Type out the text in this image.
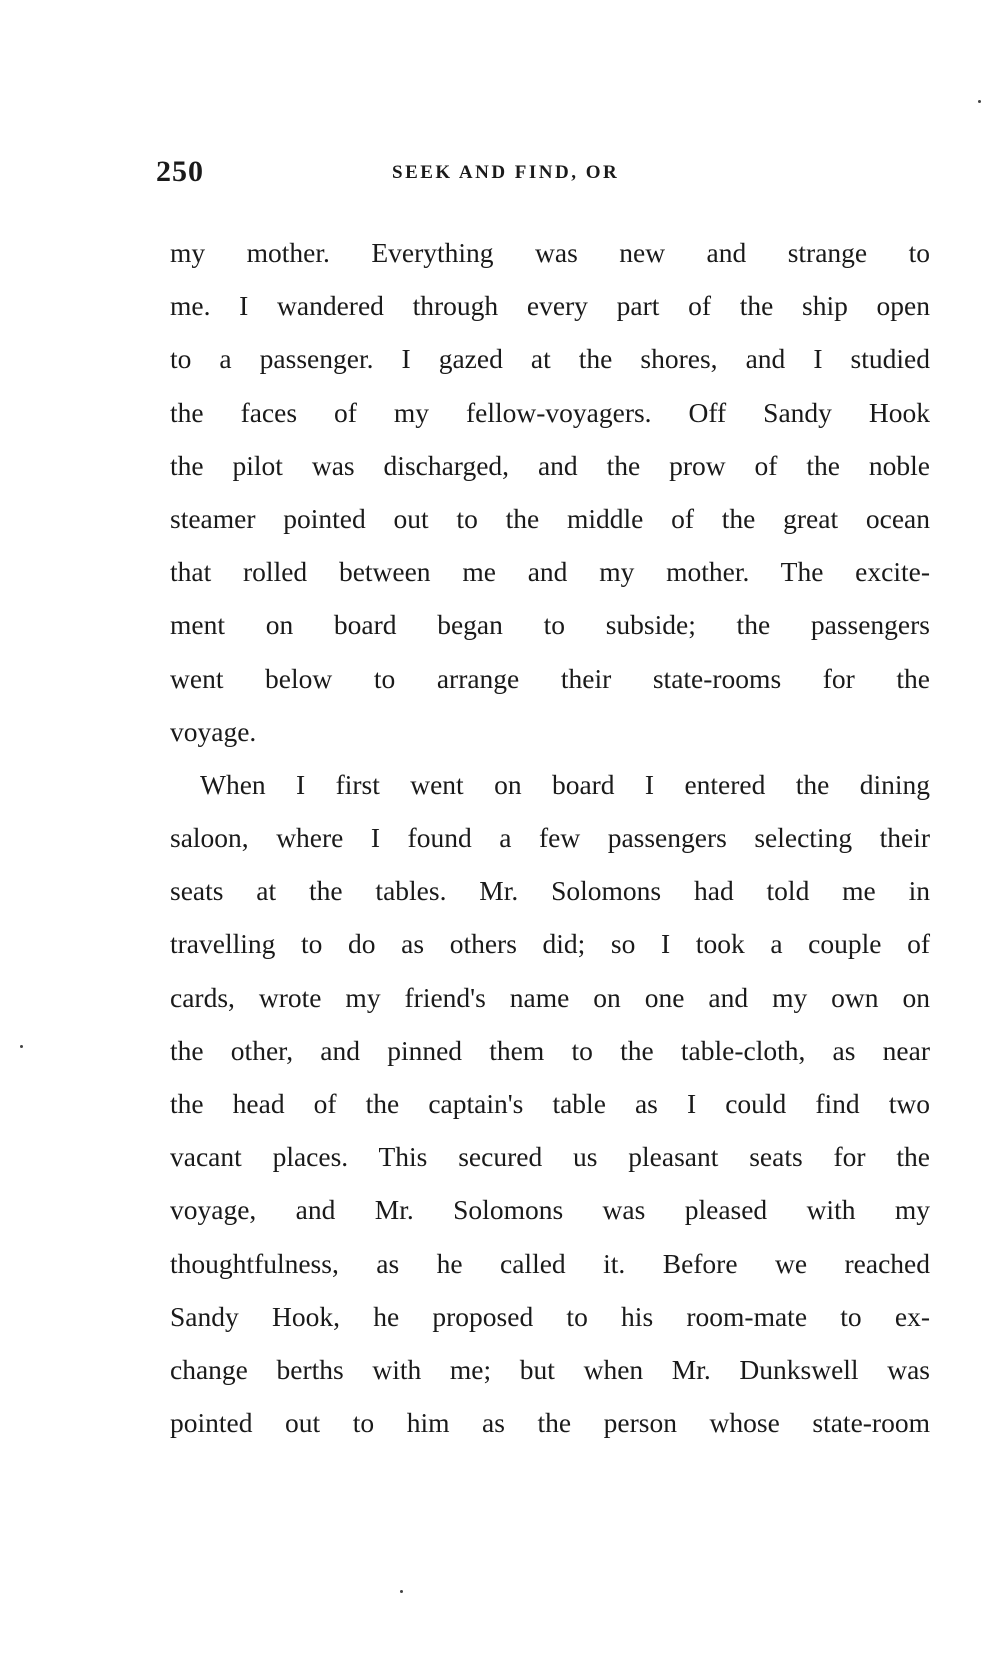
250	SEEK AND FIND, OR
my mother. Everything was new and strange to
me. I wandered through every part of the ship open
to a passenger. I gazed at the shores, and I studied
the faces of my fellow-voyagers. Off Sandy Hook
the pilot was discharged, and the prow of the noble
steamer pointed out to the middle of the great ocean
that rolled between me and my mother. The excite-
ment on board began to subside; the passengers
went below to arrange their state-rooms for the
voyage.
When I first went on board I entered the dining
saloon, where I found a few passengers selecting their
seats at the tables. Mr. Solomons had told me in
travelling to do as others did; so I took a couple of
cards, wrote my friend's name on one and my own on
the other, and pinned them to the table-cloth, as near
the head of the captain's table as I could find two
vacant places. This secured us pleasant seats for the
voyage, and Mr. Solomons was pleased with my
thoughtfulness, as he called it. Before we reached
Sandy Hook, he proposed to his room-mate to ex-
change berths with me; but when Mr. Dunkswell was
pointed out to him as the person whose state-room
